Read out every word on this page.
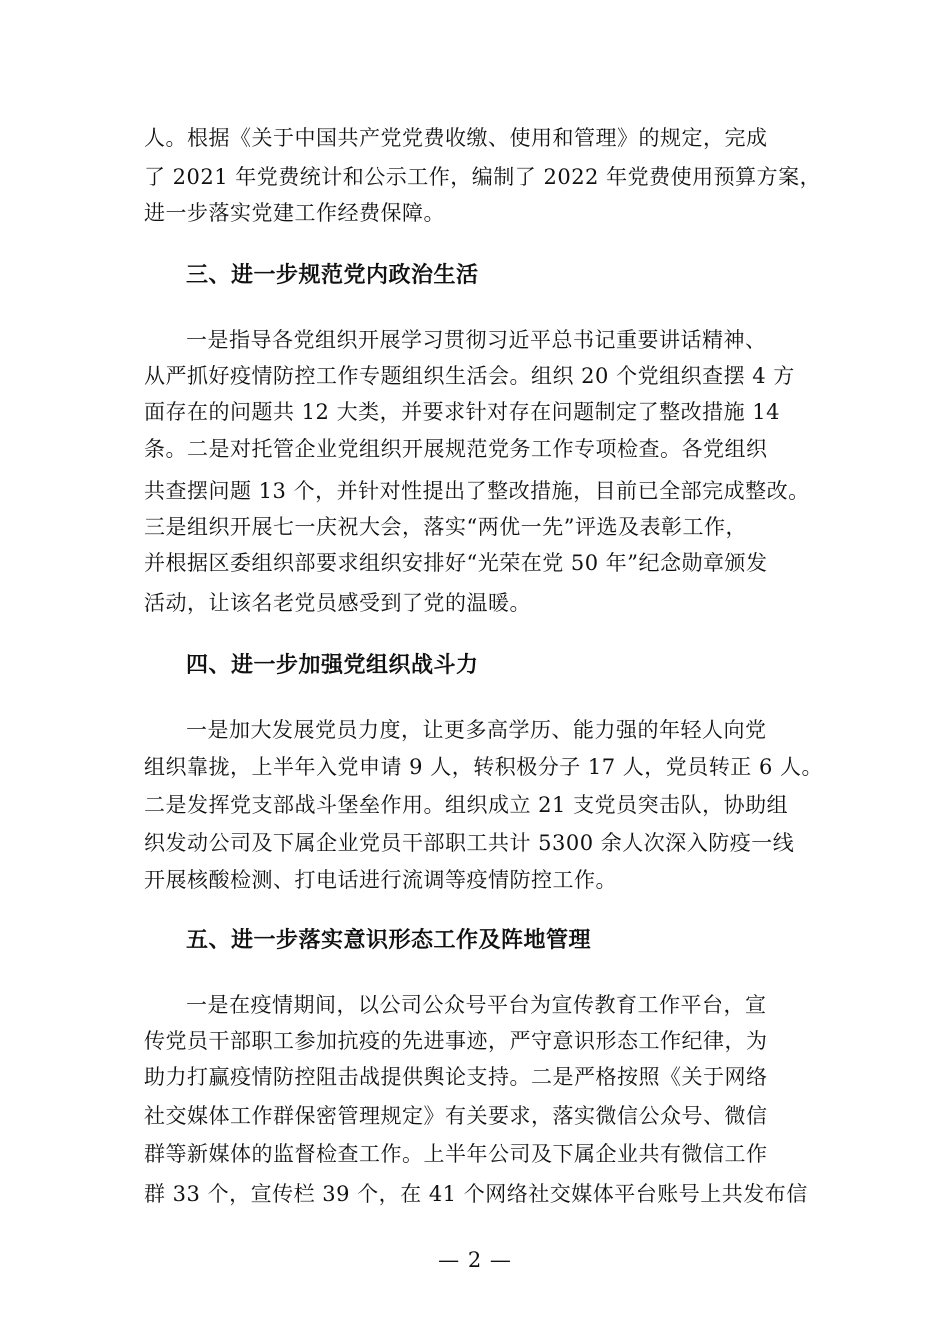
人。根据《关于中国共产党党费收缴、使用和管理》的规定，完成
了 2021 年党费统计和公示工作，编制了 2022 年党费使用预算方案，
进一步落实党建工作经费保障。
三、进一步规范党内政治生活
一是指导各党组织开展学习贯彻习近平总书记重要讲话精神、
从严抓好疫情防控工作专题组织生活会。组织 20 个党组织查摆 4 方
面存在的问题共 12 大类，并要求针对存在问题制定了整改措施 14
条。二是对托管企业党组织开展规范党务工作专项检查。各党组织
共查摆问题 13 个，并针对性提出了整改措施，目前已全部完成整改。
三是组织开展七一庆祝大会，落实“两优一先”评选及表彰工作，
并根据区委组织部要求组织安排好“光荣在党 50 年”纪念勋章颁发
活动，让该名老党员感受到了党的温暖。
四、进一步加强党组织战斗力
一是加大发展党员力度，让更多高学历、能力强的年轻人向党
组织靠拢，上半年入党申请 9 人，转积极分子 17 人，党员转正 6 人。
二是发挥党支部战斗堡垒作用。组织成立 21 支党员突击队，协助组
织发动公司及下属企业党员干部职工共计 5300 余人次深入防疫一线
开展核酸检测、打电话进行流调等疫情防控工作。
五、进一步落实意识形态工作及阵地管理
一是在疫情期间，以公司公众号平台为宣传教育工作平台，宣
传党员干部职工参加抗疫的先进事迹，严守意识形态工作纪律，为
助力打赢疫情防控阻击战提供舆论支持。二是严格按照《关于网络
社交媒体工作群保密管理规定》有关要求，落实微信公众号、微信
群等新媒体的监督检查工作。上半年公司及下属企业共有微信工作
群 33 个，宣传栏 39 个，在 41 个网络社交媒体平台账号上共发布信
— 2 —
